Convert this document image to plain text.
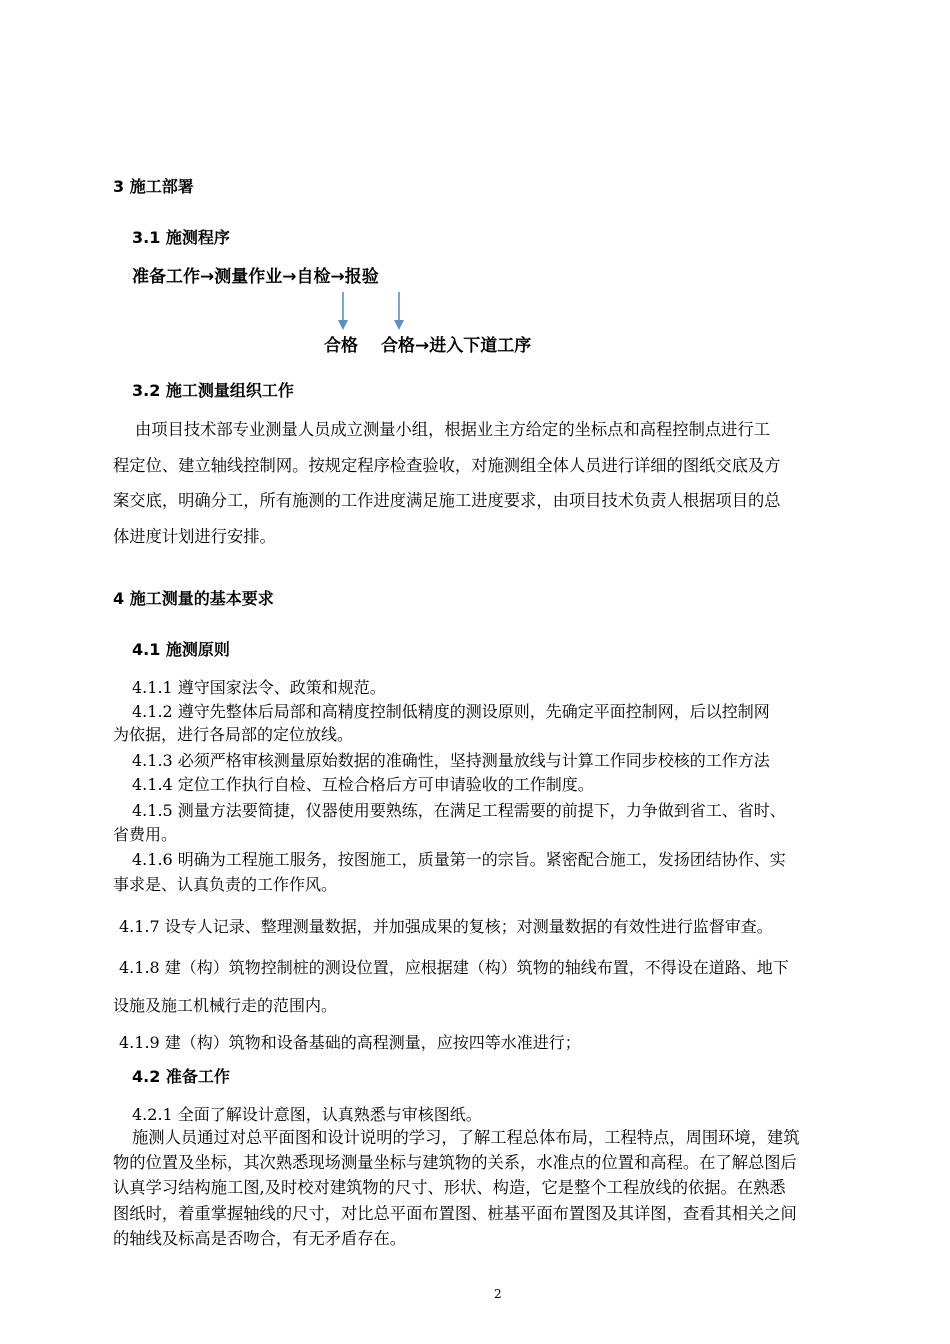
3 施工部署
3.1 施测程序
准备工作→测量作业→自检→报验
合格 合格→进入下道工序
3.2 施工测量组织工作
由项目技术部专业测量人员成立测量小组，根据业主方给定的坐标点和高程控制点进行工
程定位、建立轴线控制网。按规定程序检查验收，对施测组全体人员进行详细的图纸交底及方
案交底，明确分工，所有施测的工作进度满足施工进度要求，由项目技术负责人根据项目的总
体进度计划进行安排。
4 施工测量的基本要求
4.1 施测原则
4.1.1 遵守国家法令、政策和规范。
4.1.2 遵守先整体后局部和高精度控制低精度的测设原则，先确定平面控制网，后以控制网
为依据，进行各局部的定位放线。
4.1.3 必须严格审核测量原始数据的准确性，坚持测量放线与计算工作同步校核的工作方法
4.1.4 定位工作执行自检、互检合格后方可申请验收的工作制度。
4.1.5 测量方法要简捷，仪器使用要熟练，在满足工程需要的前提下，力争做到省工、省时、
省费用。
4.1.6 明确为工程施工服务，按图施工，质量第一的宗旨。紧密配合施工，发扬团结协作、实
事求是、认真负责的工作作风。
4.1.7 设专人记录、整理测量数据，并加强成果的复核；对测量数据的有效性进行监督审查。
4.1.8 建（构）筑物控制桩的测设位置，应根据建（构）筑物的轴线布置，不得设在道路、地下
设施及施工机械行走的范围内。
4.1.9 建（构）筑物和设备基础的高程测量，应按四等水准进行；
4.2 准备工作
4.2.1 全面了解设计意图，认真熟悉与审核图纸。
施测人员通过对总平面图和设计说明的学习，了解工程总体布局，工程特点，周围环境，建筑
物的位置及坐标，其次熟悉现场测量坐标与建筑物的关系，水准点的位置和高程。在了解总图后
认真学习结构施工图,及时校对建筑物的尺寸、形状、构造，它是整个工程放线的依据。在熟悉
图纸时，着重掌握轴线的尺寸，对比总平面布置图、桩基平面布置图及其详图，查看其相关之间
的轴线及标高是否吻合，有无矛盾存在。
2
